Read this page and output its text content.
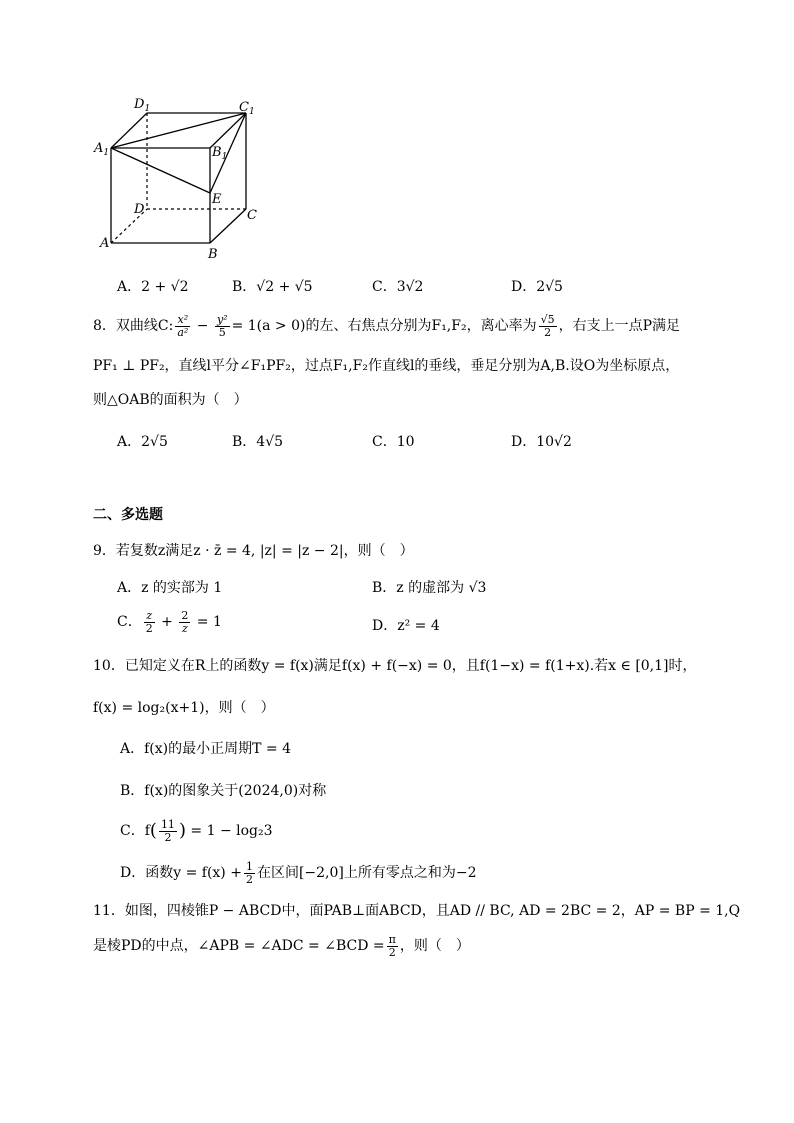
$D_1$	$C_1$
$A_1$	$B_1$
E
D	C
A
B
A．2 + √2	B．√2 + √5	C．3√2	D．2√5
8．双曲线C: $\frac{\text{x²}}{\text{a²}} - \frac{\text{y²}}{5} = 1(a > 0)$的左、右焦点分别为F₁,F₂，离心率为 $\frac{√5}{2}$ ，右支上一点P满足
PF₁ ⊥ PF₂，直线l平分∠F₁PF₂，过点F₁,F₂作直线l的垂线，垂足分别为A,B.设O为坐标原点，
则△OAB的面积为（　）
A．2√5	B．4√5	C．10	D．10√2
二、多选题
9．若复数z满足z · z̄ = 4, |z| = |z − 2|，则（　）
A．z 的实部为 1	B．z 的虚部为 √3
C． $\frac{z}{2} + \frac{2}{z} = 1$	D．z² = 4
10．已知定义在R上的函数y = f(x)满足f(x) + f(−x) = 0，且f(1−x) = f(1+x).若x ∈ [0,1]时，
f(x) = log₂(x+1)，则（　）
A．f(x)的最小正周期T = 4
B．f(x)的图象关于(2024,0)对称
C．$f( \frac{11}{2}$ ) = 1 − log₂3
D．函数$y = f(x) + \frac{1}{2}$ 在区间[−2,0]上所有零点之和为−2
11．如图，四棱锥P − ABCD中，面PAB⊥面ABCD，且AD // BC, AD = 2BC = 2，AP = BP = 1,Q
是棱PD的中点，∠APB = ∠ADC = ∠BCD = $\frac{\pi}{2}$ ，则（　）
